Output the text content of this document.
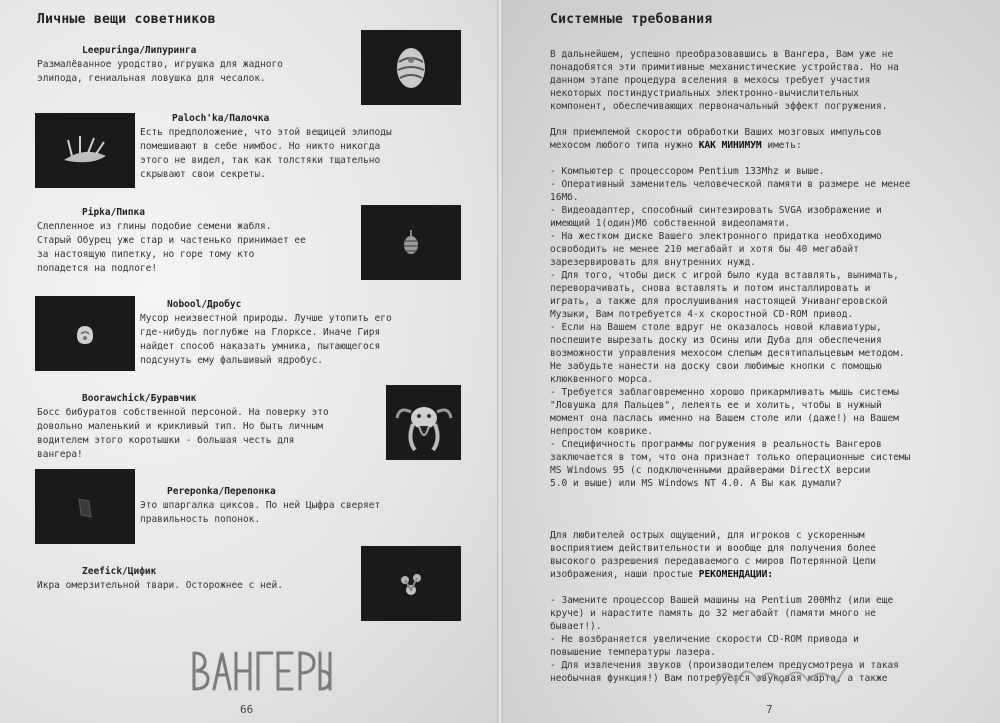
Личные вещи советников
Leepuringa/Липуринга
Размалёванное уродство, игрушка для жадного
элипода, гениальная ловушка для чесалок.
Paloch'ka/Палочка
Есть предположение, что этой вещицей элиподы
помешивают в себе нимбос. Но никто никогда
этого не видел, так как толстяки тщательно
скрывают свои секреты.
Pipka/Пипка
Слепленное из глины подобие семени жабля.
Старый Обурец уже стар и частенько принимает ее
за настоящую пипетку, но горе тому кто
попадется на подлоге!
Nobool/Дробус
Мусор неизвестной природы. Лучше утопить его
где-нибудь поглубже на Глорксе. Иначе Гиря
найдет способ наказать умника, пытающегося
подсунуть ему фальшивый ядробус.
Boorawchick/Буравчик
Босс бибуратов собственной персоной. На поверку это
довольно маленький и крикливый тип. Но быть личным
водителем этого коротышки - большая честь для
вангера!
Pereponka/Перепонка
Это шпаргалка циксов. По ней Цыфра сверяет
правильность попонок.
Zeefick/Цифик
Икра омерзительной твари. Осторожнее с ней.
66	7
Системные требования

В дальнейшем, успешно преобразовавшись в Вангера, Вам уже не
понадобятся эти примитивные механистические устройства. Но на
данном этапе процедура вселения в мехосы требует участия
некоторых постиндустриальных электронно-вычислительных
компонент, обеспечивающих первоначальный эффект погружения.

Для приемлемой скорости обработки Ваших мозговых импульсов
мехосом любого типа нужно КАК МИНИМУМ иметь:

- Компьютер с процессором Pentium 133Mhz и выше.

- Оперативный заменитель человеческой памяти в размере не менее
16Мб.

- Видеоадаптер, способный синтезировать SVGA изображение и
имеющий 1(один)Мб собственной видеопамяти.

- На жестком диске Вашего электронного придатка необходимо
освободить не менее 210 мегабайт и хотя бы 40 мегабайт
зарезервировать для внутренних нужд.

- Для того, чтобы диск с игрой было куда вставлять, вынимать,
переворачивать, снова вставлять и потом инсталлировать и
играть, а также для прослушивания настоящей Унивангеровской
Музыки, Вам потребуется 4-х скоростной CD-ROM привод.

- Если на Вашем столе вдруг не оказалось новой клавиатуры,
поспешите вырезать доску из Осины или Дуба для обеспечения
возможности управления мехосом слепым десятипальцевым методом.
Не забудьте нанести на доску свои любимые кнопки с помощью
клюквенного морса.

- Требуется заблаговременно хорошо прикармливать мышь системы
"Ловушка для Пальцев", лелеять ее и холить, чтобы в нужный
момент она паслась именно на Вашем столе или (даже!) на Вашем
непростом коврике.

- Специфичность программы погружения в реальность Вангеров
заключается в том, что она признает только операционные системы
MS Windows 95 (с подключенными драйверами DirectX версии
5.0 и выше) или MS Windows NT 4.0. А Вы как думали?

Для любителей острых ощущений, для игроков с ускоренным
восприятием действительности и вообще для получения более
высокого разрешения передаваемого с миров Потерянной Цепи
изображения, наши простые РЕКОМЕНДАЦИИ:

- Замените процессор Вашей машины на Pentium 200Mhz (или еще
круче) и нарастите память до 32 мегабайт (памяти много не
бывает!).

- Не возбраняется увеличение скорости CD-ROM привода и
повышение температуры лазера.

- Для извлечения звуков (производителем предусмотрена и такая
необычная функция!) Вам потребуется звуковая карта, а также
